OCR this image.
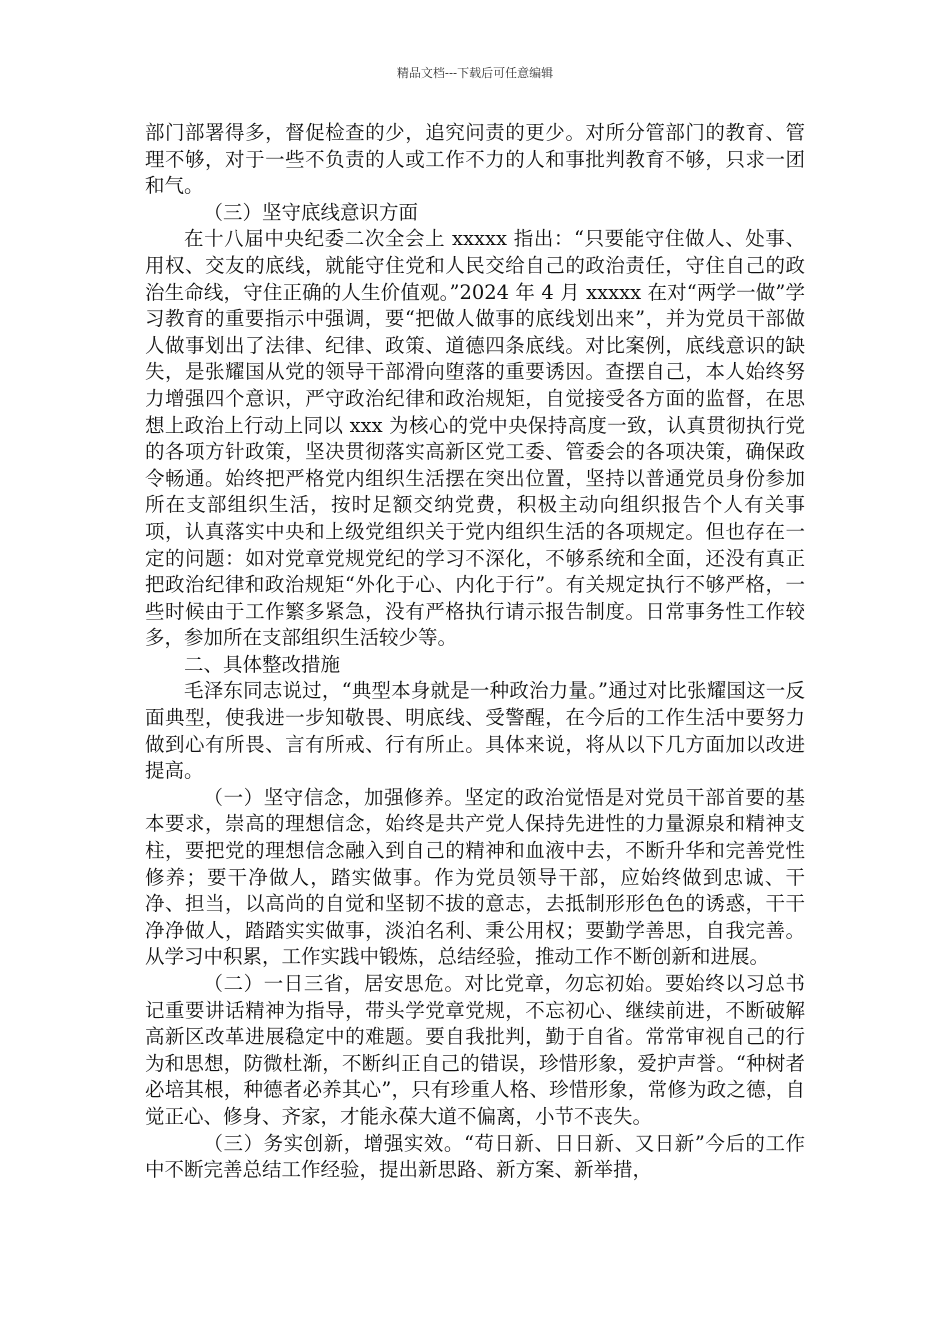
精品文档---下载后可任意编辑

部门部署得多，督促检查的少，追究问责的更少。对所分管部门的教育、管理不够，对于一些不负责的人或工作不力的人和事批判教育不够，只求一团和气。

（三）坚守底线意识方面

在十八届中央纪委二次全会上 xxxxx 指出：“只要能守住做人、处事、用权、交友的底线，就能守住党和人民交给自己的政治责任，守住自己的政治生命线，守住正确的人生价值观。”2024 年 4 月 xxxxx 在对“两学一做”学习教育的重要指示中强调，要“把做人做事的底线划出来”，并为党员干部做人做事划出了法律、纪律、政策、道德四条底线。对比案例，底线意识的缺失，是张耀国从党的领导干部滑向堕落的重要诱因。查摆自己，本人始终努力增强四个意识，严守政治纪律和政治规矩，自觉接受各方面的监督，在思想上政治上行动上同以 xxx 为核心的党中央保持高度一致，认真贯彻执行党的各项方针政策，坚决贯彻落实高新区党工委、管委会的各项决策，确保政令畅通。始终把严格党内组织生活摆在突出位置，坚持以普通党员身份参加所在支部组织生活，按时足额交纳党费，积极主动向组织报告个人有关事项，认真落实中央和上级党组织关于党内组织生活的各项规定。但也存在一定的问题：如对党章党规党纪的学习不深化，不够系统和全面，还没有真正把政治纪律和政治规矩“外化于心、内化于行”。有关规定执行不够严格，一些时候由于工作繁多紧急，没有严格执行请示报告制度。日常事务性工作较多，参加所在支部组织生活较少等。

二、具体整改措施

毛泽东同志说过，“典型本身就是一种政治力量。”通过对比张耀国这一反面典型，使我进一步知敬畏、明底线、受警醒，在今后的工作生活中要努力做到心有所畏、言有所戒、行有所止。具体来说，将从以下几方面加以改进提高。

（一）坚守信念，加强修养。坚定的政治觉悟是对党员干部首要的基本要求，崇高的理想信念，始终是共产党人保持先进性的力量源泉和精神支柱，要把党的理想信念融入到自己的精神和血液中去，不断升华和完善党性修养；要干净做人，踏实做事。作为党员领导干部，应始终做到忠诚、干净、担当，以高尚的自觉和坚韧不拔的意志，去抵制形形色色的诱惑，干干净净做人，踏踏实实做事，淡泊名利、秉公用权；要勤学善思，自我完善。从学习中积累，工作实践中锻炼，总结经验，推动工作不断创新和进展。

（二）一日三省，居安思危。对比党章，勿忘初始。要始终以习总书记重要讲话精神为指导，带头学党章党规，不忘初心、继续前进，不断破解高新区改革进展稳定中的难题。要自我批判，勤于自省。常常审视自己的行为和思想，防微杜渐，不断纠正自己的错误，珍惜形象，爱护声誉。“种树者必培其根，种德者必养其心”，只有珍重人格、珍惜形象，常修为政之德，自觉正心、修身、齐家，才能永葆大道不偏离，小节不丧失。

（三）务实创新，增强实效。“苟日新、日日新、又日新”今后的工作中不断完善总结工作经验，提出新思路、新方案、新举措，
